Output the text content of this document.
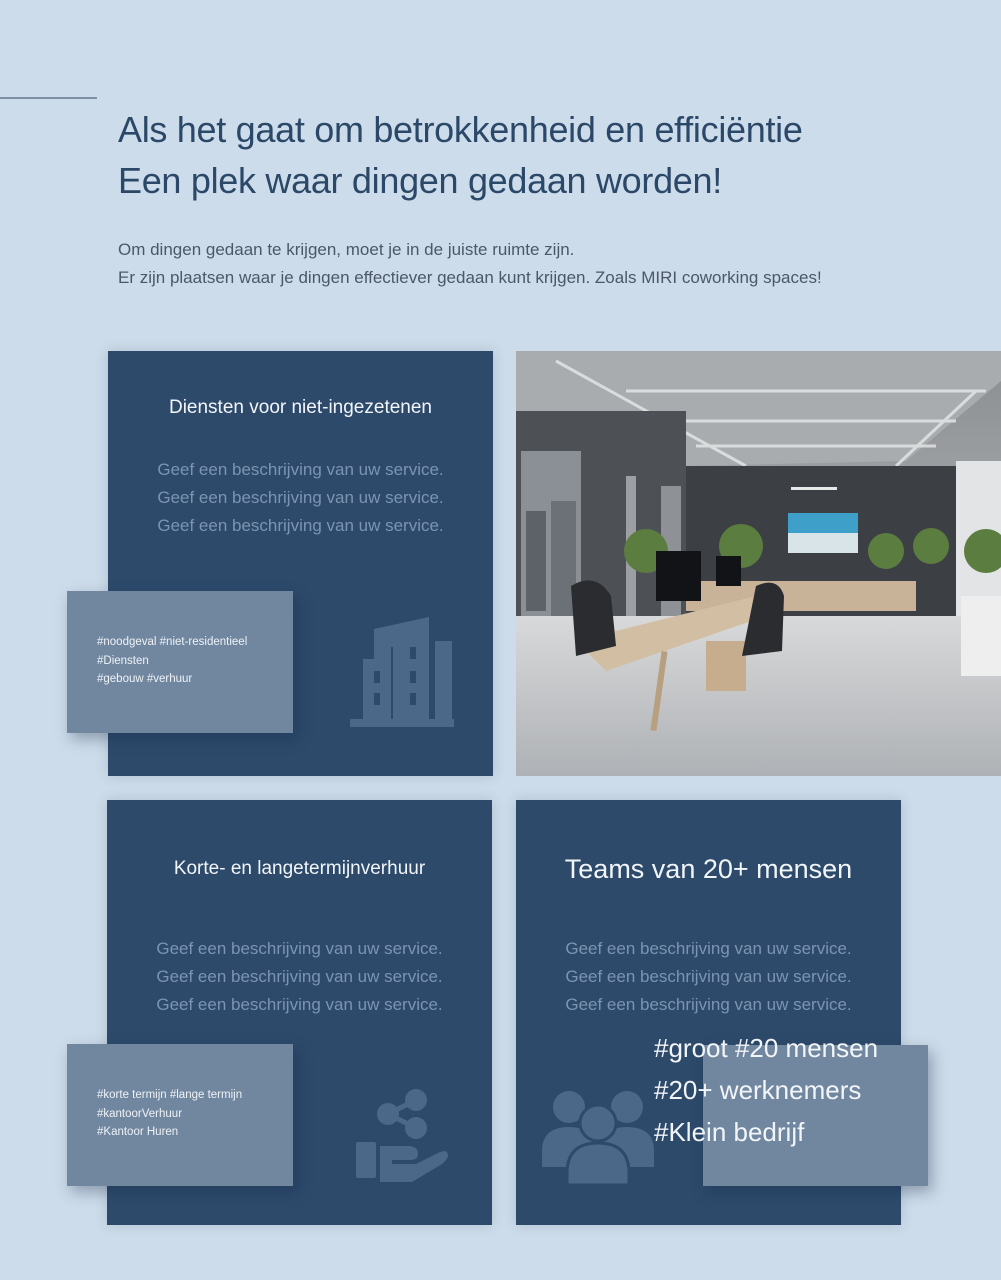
Als het gaat om betrokkenheid en efficiëntie
Een plek waar dingen gedaan worden!

Om dingen gedaan te krijgen, moet je in de juiste ruimte zijn.
Er zijn plaatsen waar je dingen effectiever gedaan kunt krijgen. Zoals MIRI coworking spaces!

Diensten voor niet-ingezetenen
Geef een beschrijving van uw service.
Geef een beschrijving van uw service.
Geef een beschrijving van uw service.
#noodgeval #niet-residentieel
#Diensten
#gebouw #verhuur
Korte- en langetermijnverhuur
Geef een beschrijving van uw service.
Geef een beschrijving van uw service.
Geef een beschrijving van uw service.
#korte termijn #lange termijn
#kantoorVerhuur
#Kantoor Huren
Teams van 20+ mensen
Geef een beschrijving van uw service.
Geef een beschrijving van uw service.
Geef een beschrijving van uw service.
#groot #20 mensen
#20+ werknemers
#Klein bedrijf
